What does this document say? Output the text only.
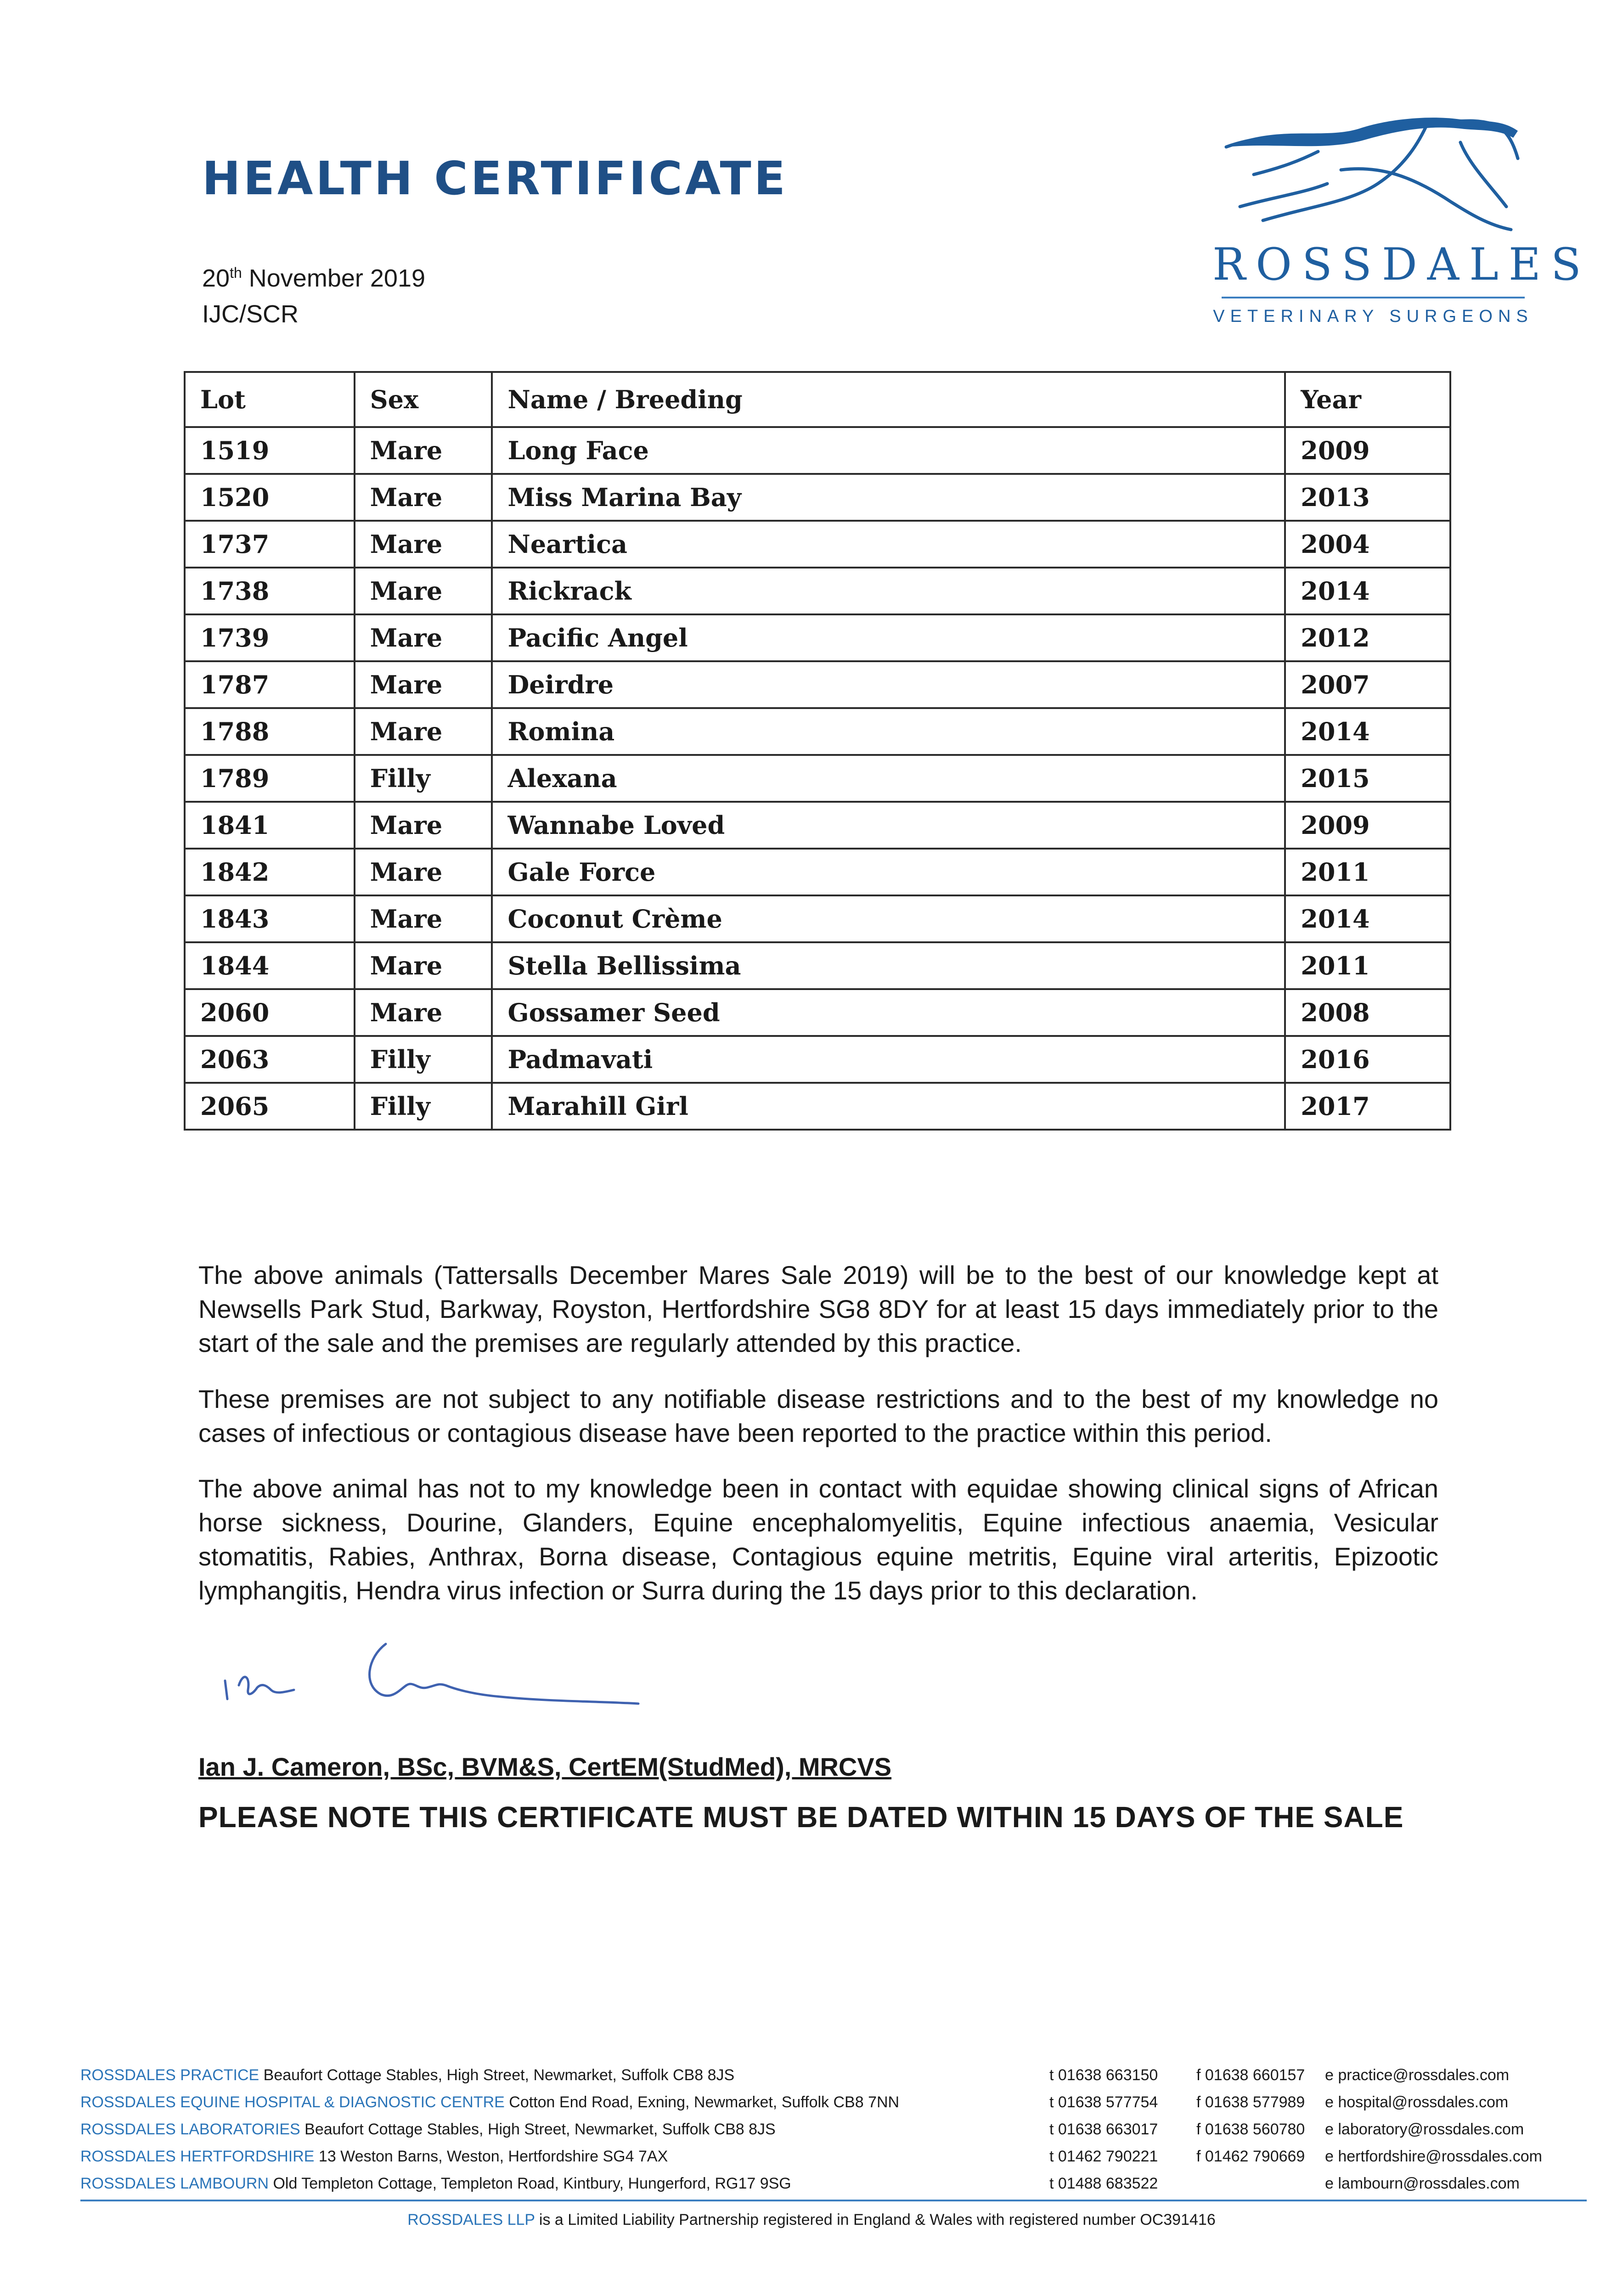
HEALTH CERTIFICATE
20th November 2019
IJC/SCR
ROSSDALES
VETERINARY SURGEONS
Lot	Sex	Name / Breeding	Year
1519	Mare	Long Face	2009
1520	Mare	Miss Marina Bay	2013
1737	Mare	Neartica	2004
1738	Mare	Rickrack	2014
1739	Mare	Pacific Angel	2012
1787	Mare	Deirdre	2007
1788	Mare	Romina	2014
1789	Filly	Alexana	2015
1841	Mare	Wannabe Loved	2009
1842	Mare	Gale Force	2011
1843	Mare	Coconut Crème	2014
1844	Mare	Stella Bellissima	2011
2060	Mare	Gossamer Seed	2008
2063	Filly	Padmavati	2016
2065	Filly	Marahill Girl	2017

The above animals (Tattersalls December Mares Sale 2019) will be to the best of our knowledge kept at Newsells Park Stud, Barkway, Royston, Hertfordshire SG8 8DY for at least 15 days immediately prior to the start of the sale and the premises are regularly attended by this practice.

These premises are not subject to any notifiable disease restrictions and to the best of my knowledge no cases of infectious or contagious disease have been reported to the practice within this period.

The above animal has not to my knowledge been in contact with equidae showing clinical signs of African horse sickness, Dourine, Glanders, Equine encephalomyelitis, Equine infectious anaemia, Vesicular stomatitis, Rabies, Anthrax, Borna disease, Contagious equine metritis, Equine viral arteritis, Epizootic lymphangitis, Hendra virus infection or Surra during the 15 days prior to this declaration.

Ian J. Cameron, BSc, BVM&S, CertEM(StudMed), MRCVS
PLEASE NOTE THIS CERTIFICATE MUST BE DATED WITHIN 15 DAYS OF THE SALE
ROSSDALES PRACTICE Beaufort Cottage Stables, High Street, Newmarket, Suffolk CB8 8JS	t 01638 663150	f 01638 660157	e practice@rossdales.com
ROSSDALES EQUINE HOSPITAL & DIAGNOSTIC CENTRE Cotton End Road, Exning, Newmarket, Suffolk CB8 7NN	t 01638 577754	f 01638 577989	e hospital@rossdales.com
ROSSDALES LABORATORIES Beaufort Cottage Stables, High Street, Newmarket, Suffolk CB8 8JS	t 01638 663017	f 01638 560780	e laboratory@rossdales.com
ROSSDALES HERTFORDSHIRE 13 Weston Barns, Weston, Hertfordshire SG4 7AX	t 01462 790221	f 01462 790669	e hertfordshire@rossdales.com
ROSSDALES LAMBOURN Old Templeton Cottage, Templeton Road, Kintbury, Hungerford, RG17 9SG	t 01488 683522	e lambourn@rossdales.com
ROSSDALES LLP is a Limited Liability Partnership registered in England & Wales with registered number OC391416
